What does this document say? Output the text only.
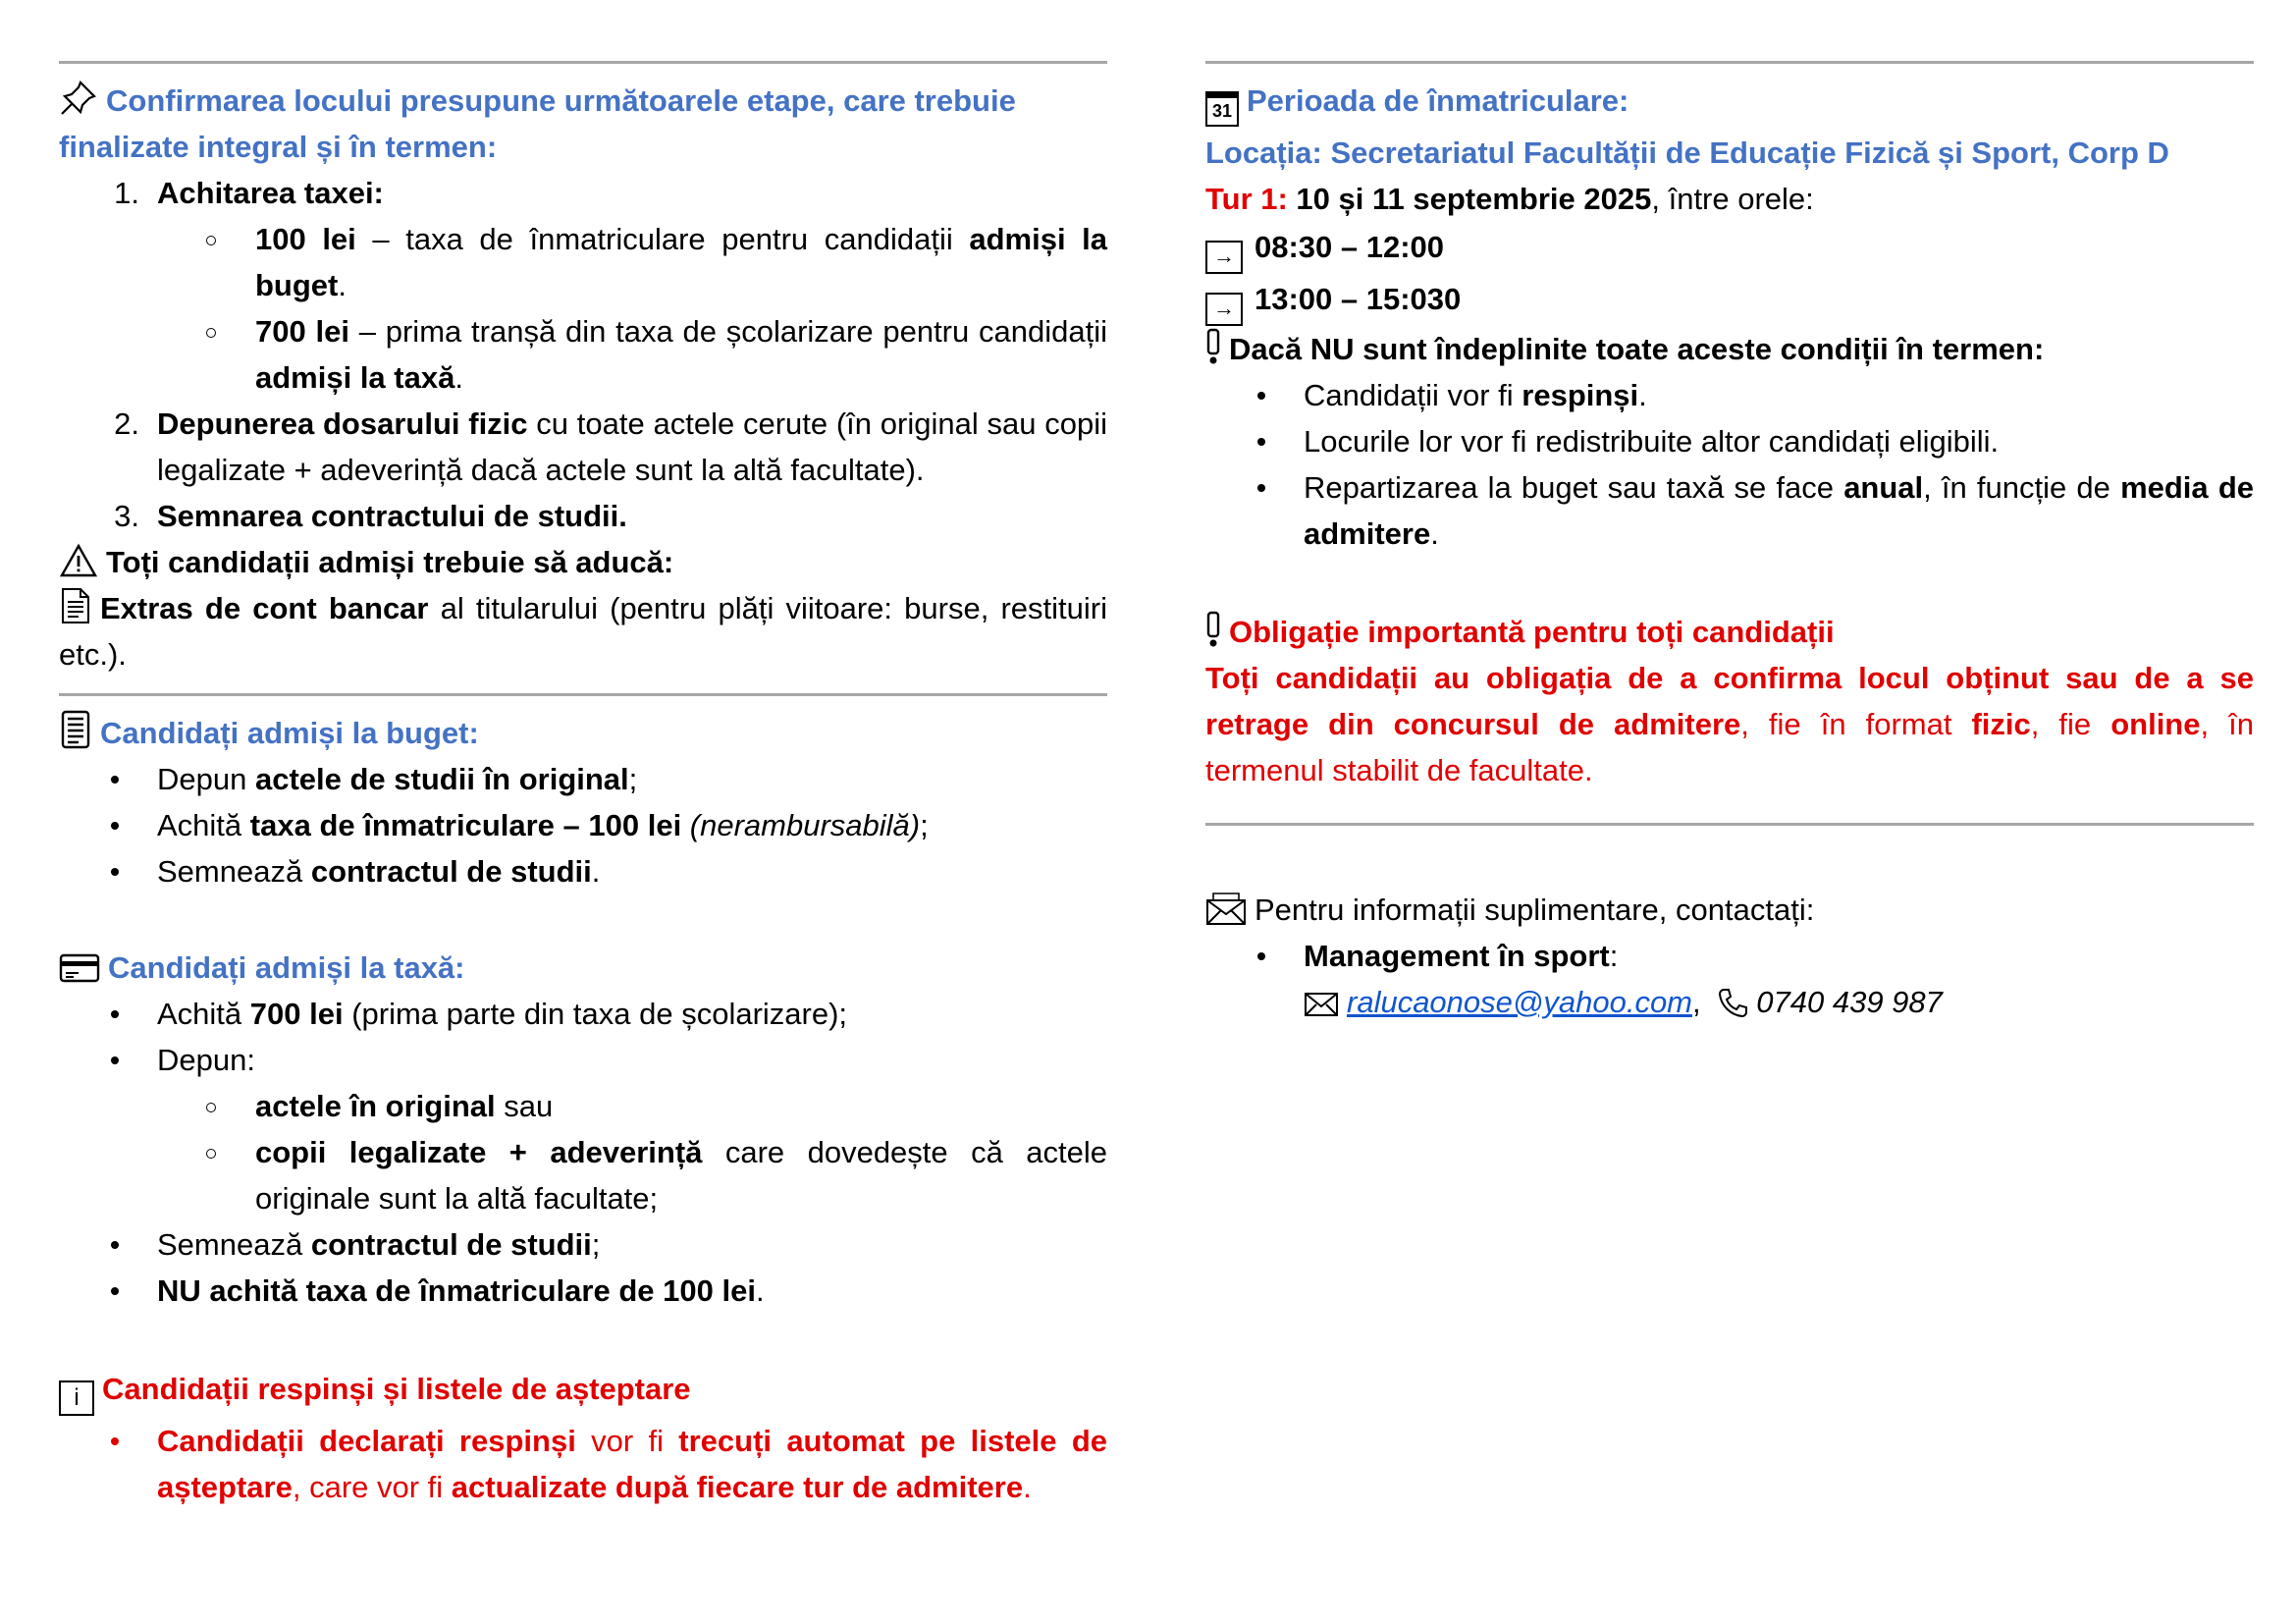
Confirmarea locului presupune următoarele etape, care trebuie
finalizate integral și în termen:
1. Achitarea taxei:
100 lei – taxa de înmatriculare pentru candidații admiși la buget.
700 lei – prima tranșă din taxa de școlarizare pentru candidații admiși la taxă.
2. Depunerea dosarului fizic cu toate actele cerute (în original sau copii legalizate + adeverință dacă actele sunt la altă facultate).
3. Semnarea contractului de studii.
Toți candidații admiși trebuie să aducă:
Extras de cont bancar al titularului (pentru plăți viitoare: burse, restituiri etc.).
Candidați admiși la buget:
Depun actele de studii în original;
Achită taxa de înmatriculare – 100 lei (nerambursabilă);
Semnează contractul de studii.
Candidați admiși la taxă:
Achită 700 lei (prima parte din taxa de școlarizare);
Depun:
actele în original sau
copii legalizate + adeverință care dovedește că actele originale sunt la altă facultate;
Semnează contractul de studii;
NU achită taxa de înmatriculare de 100 lei.
i Candidații respinși și listele de așteptare
Candidații declarați respinși vor fi trecuți automat pe listele de așteptare, care vor fi actualizate după fiecare tur de admitere.
31 Perioada de înmatriculare:
Locația: Secretariatul Facultății de Educație Fizică și Sport, Corp D
Tur 1: 10 și 11 septembrie 2025, între orele:
→ 08:30 – 12:00
→ 13:00 – 15:030
Dacă NU sunt îndeplinite toate aceste condiții în termen:
Candidații vor fi respinși.
Locurile lor vor fi redistribuite altor candidați eligibili.
Repartizarea la buget sau taxă se face anual, în funcție de media de admitere.
Obligație importantă pentru toți candidații
Toți candidații au obligația de a confirma locul obținut sau de a se retrage din concursul de admitere, fie în format fizic, fie online, în termenul stabilit de facultate.
Pentru informații suplimentare, contactați:
Management în sport:
ralucaonose@yahoo.com, 0740 439 987
